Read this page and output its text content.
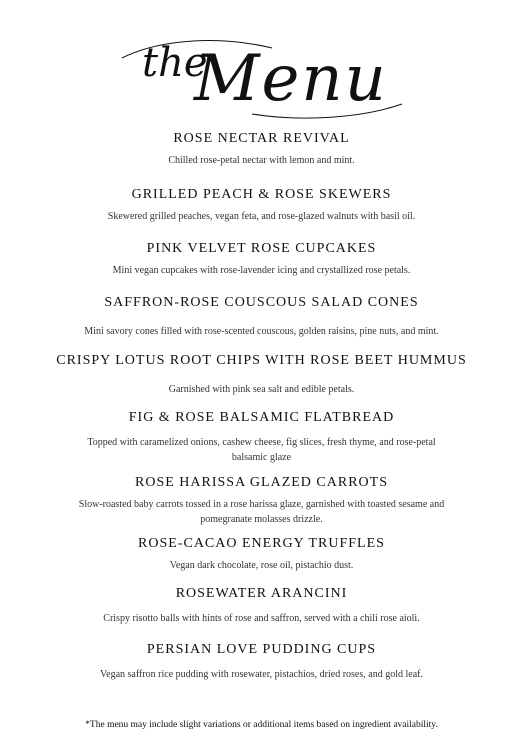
the
Menu

ROSE NECTAR REVIVAL

Chilled rose-petal nectar with lemon and mint.

GRILLED PEACH & ROSE SKEWERS

Skewered grilled peaches, vegan feta, and rose-glazed walnuts with basil oil.

PINK VELVET ROSE CUPCAKES

Mini vegan cupcakes with rose-lavender icing and crystallized rose petals.

SAFFRON-ROSE COUSCOUS SALAD CONES

Mini savory cones filled with rose-scented couscous, golden raisins, pine nuts, and mint.

CRISPY LOTUS ROOT CHIPS WITH ROSE BEET HUMMUS

Garnished with pink sea salt and edible petals.

FIG & ROSE BALSAMIC FLATBREAD

Topped with caramelized onions, cashew cheese, fig slices, fresh thyme, and rose-petal balsamic glaze

ROSE HARISSA GLAZED CARROTS

Slow-roasted baby carrots tossed in a rose harissa glaze, garnished with toasted sesame and pomegranate molasses drizzle.

ROSE-CACAO ENERGY TRUFFLES

Vegan dark chocolate, rose oil, pistachio dust.

ROSEWATER ARANCINI

Crispy risotto balls with hints of rose and saffron, served with a chili rose aioli.

PERSIAN LOVE PUDDING CUPS

Vegan saffron rice pudding with rosewater, pistachios, dried roses, and gold leaf.

*The menu may include slight variations or additional items based on ingredient availability.
